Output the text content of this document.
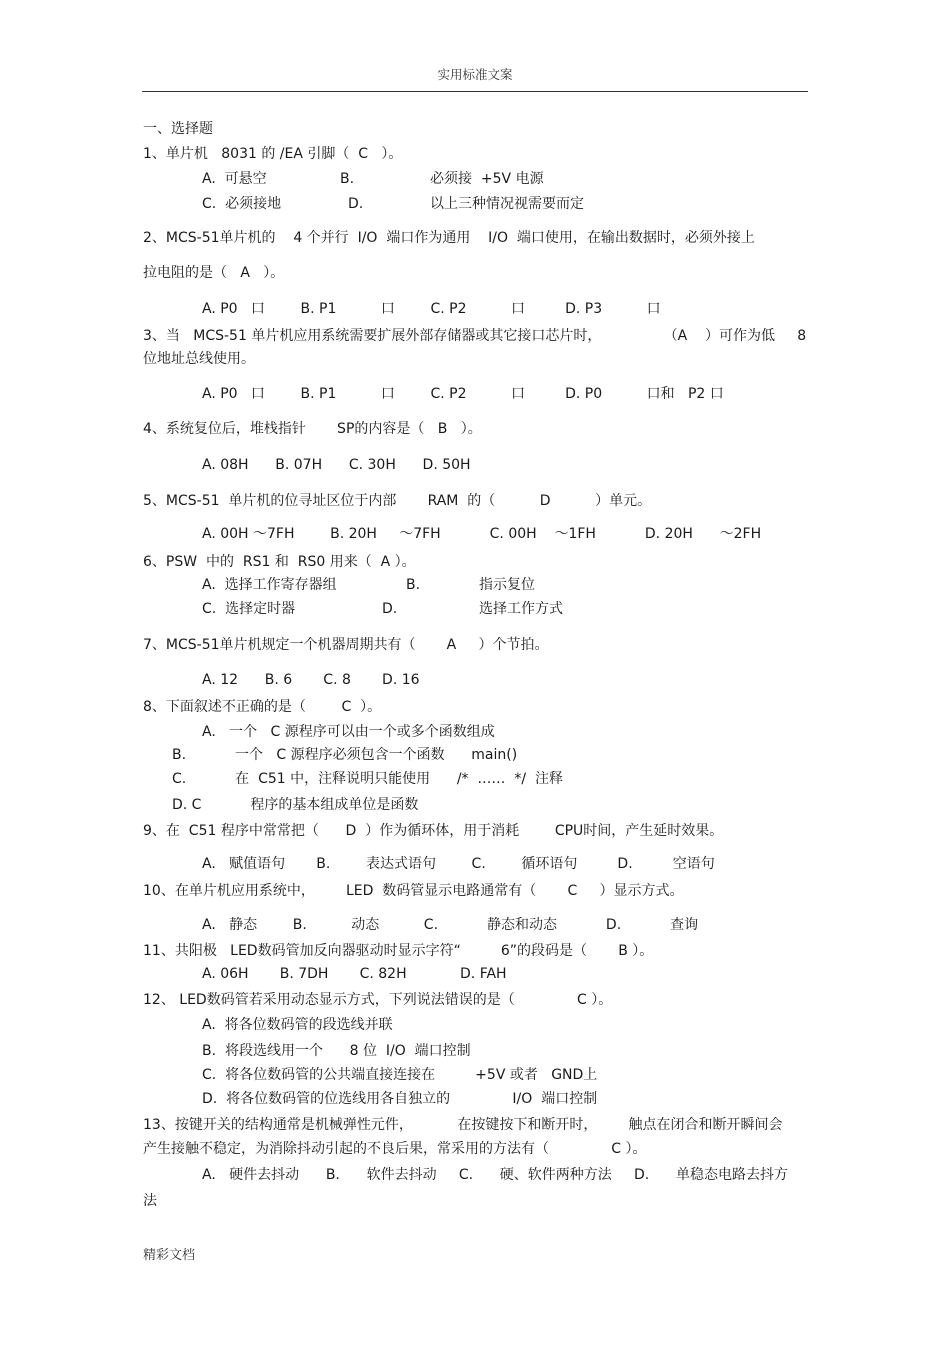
实用标准文案
一、选择题
1、单片机   8031 的 /EA 引脚（  C   ）。
A.  可悬空	B.	必须接  +5V 电源
C.  必须接地	D.	以上三种情况视需要而定
2、MCS-51单片机的    4 个并行  I/O  端口作为通用    I/O  端口使用，在输出数据时，必须外接上
拉电阻的是（   A   ）。
A. P0   口        B. P1          口        C. P2          口         D. P3          口
3、当   MCS-51 单片机应用系统需要扩展外部存储器或其它接口芯片时，              （A    ）可作为低     8
位地址总线使用。
A. P0   口        B. P1          口        C. P2          口         D. P0          口和   P2 口
4、系统复位后，堆栈指针       SP的内容是（   B   ）。
A. 08H      B. 07H      C. 30H      D. 50H
5、MCS-51  单片机的位寻址区位于内部       RAM  的（          D          ）单元。
A. 00H ～7FH        B. 20H     ～7FH           C. 00H    ～1FH           D. 20H      ～2FH
6、PSW  中的  RS1 和  RS0 用来（  A ）。
A.  选择工作寄存器组	B.	指示复位
C.  选择定时器	D.	选择工作方式
7、MCS-51单片机规定一个机器周期共有（       A     ）个节拍。
A. 12      B. 6       C. 8       D. 16
8、下面叙述不正确的是（        C  ）。
A.   一个   C 源程序可以由一个或多个函数组成
B.           一个   C 源程序必须包含一个函数      main()
C.           在  C51 中，注释说明只能使用      /*  ……  */  注释
D. C           程序的基本组成单位是函数
9、在  C51 程序中常常把（      D  ）作为循环体，用于消耗        CPU时间，产生延时效果。
A.   赋值语句       B.        表达式语句        C.        循环语句         D.         空语句
10、在单片机应用系统中，       LED  数码管显示电路通常有（       C     ）显示方式。
A.   静态        B.          动态          C.           静态和动态           D.           查询
11、共阳极   LED数码管加反向器驱动时显示字符“         6”的段码是（       B ）。
A. 06H       B. 7DH       C. 82H            D. FAH
12、 LED数码管若采用动态显示方式，下列说法错误的是（              C ）。
A.  将各位数码管的段选线并联
B.  将段选线用一个      8 位  I/O  端口控制
C.  将各位数码管的公共端直接连接在         +5V 或者   GND上
D.  将各位数码管的位选线用各自独立的              I/O  端口控制
13、按键开关的结构通常是机械弹性元件，          在按键按下和断开时，       触点在闭合和断开瞬间会
产生接触不稳定，为消除抖动引起的不良后果，常采用的方法有（              C ）。
A.   硬件去抖动      B.      软件去抖动     C.      硬、软件两种方法     D.      单稳态电路去抖方
法
精彩文档
